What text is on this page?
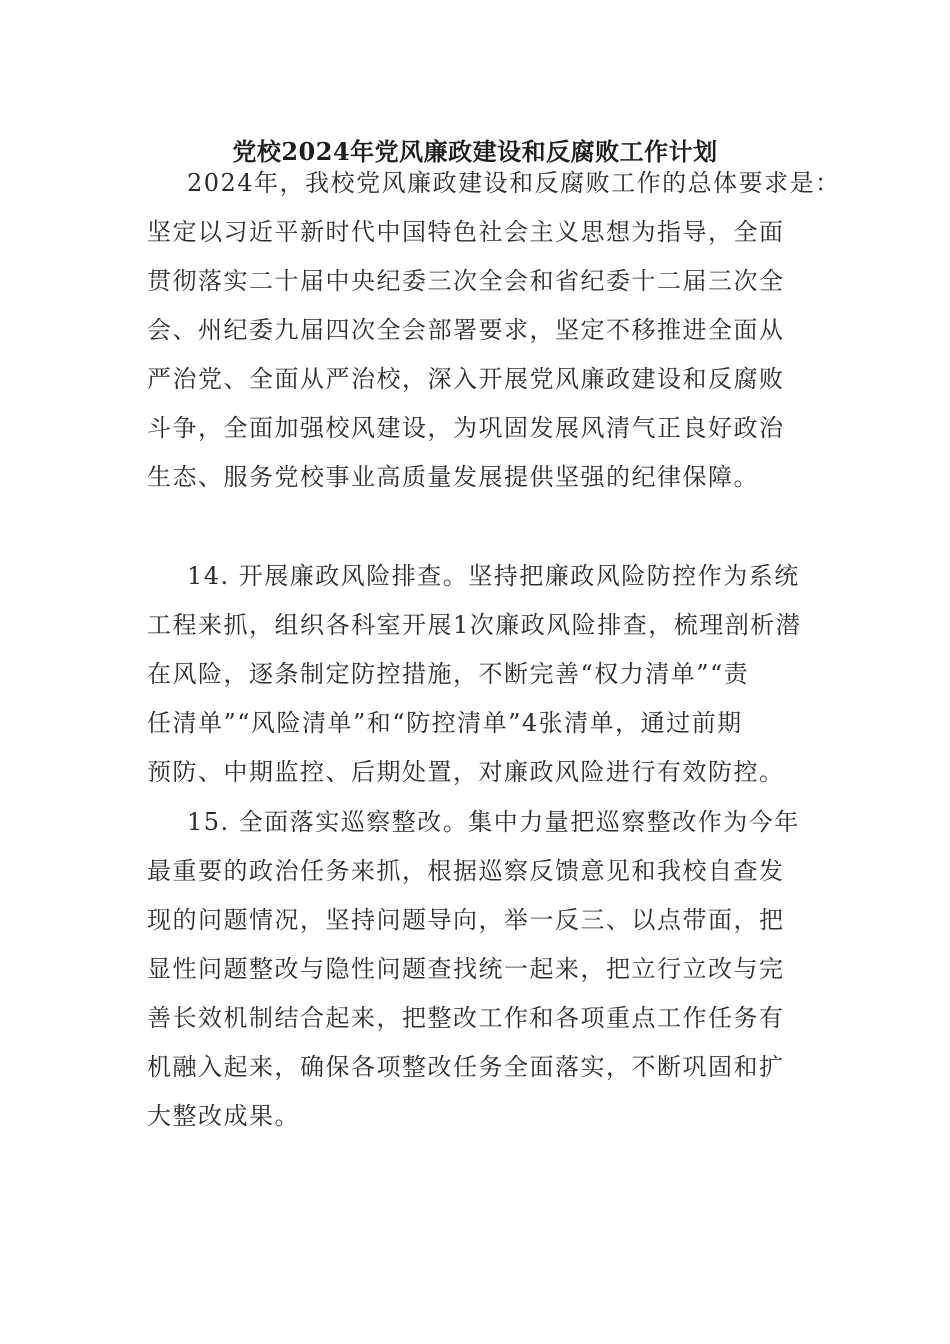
党校2024年党风廉政建设和反腐败工作计划
2024年，我校党风廉政建设和反腐败工作的总体要求是：
坚定以习近平新时代中国特色社会主义思想为指导，全面
贯彻落实二十届中央纪委三次全会和省纪委十二届三次全
会、州纪委九届四次全会部署要求，坚定不移推进全面从
严治党、全面从严治校，深入开展党风廉政建设和反腐败
斗争，全面加强校风建设，为巩固发展风清气正良好政治
生态、服务党校事业高质量发展提供坚强的纪律保障。
14. 开展廉政风险排查。坚持把廉政风险防控作为系统
工程来抓，组织各科室开展1次廉政风险排查，梳理剖析潜
在风险，逐条制定防控措施，不断完善“权力清单”“责
任清单”“风险清单”和“防控清单”4张清单，通过前期
预防、中期监控、后期处置，对廉政风险进行有效防控。
15. 全面落实巡察整改。集中力量把巡察整改作为今年
最重要的政治任务来抓，根据巡察反馈意见和我校自查发
现的问题情况，坚持问题导向，举一反三、以点带面，把
显性问题整改与隐性问题查找统一起来，把立行立改与完
善长效机制结合起来，把整改工作和各项重点工作任务有
机融入起来，确保各项整改任务全面落实，不断巩固和扩
大整改成果。
